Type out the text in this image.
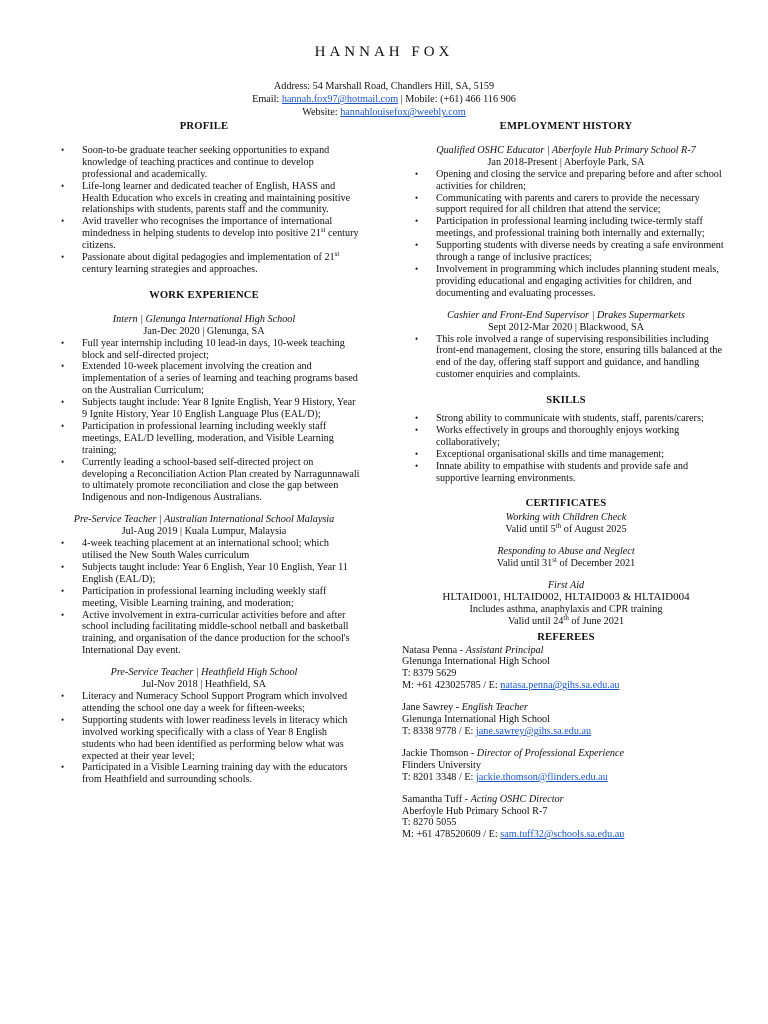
HANNAH FOX
Address: 54 Marshall Road, Chandlers Hill, SA, 5159
Email: hannah.fox97@hotmail.com | Mobile: (+61) 466 116 906
Website: hannahlouisefox@weebly.com
PROFILE
• Soon-to-be graduate teacher seeking opportunities to expand knowledge of teaching practices and continue to develop professional and academically.
• Life-long learner and dedicated teacher of English, HASS and Health Education who excels in creating and maintaining positive relationships with students, parents staff and the community.
• Avid traveller who recognises the importance of international mindedness in helping students to develop into positive 21st century citizens.
• Passionate about digital pedagogies and implementation of 21st century learning strategies and approaches.
WORK EXPERIENCE
Intern | Glenunga International High School
Jan-Dec 2020 | Glenunga, SA
• Full year internship including 10 lead-in days, 10-week teaching block and self-directed project;
• Extended 10-week placement involving the creation and implementation of a series of learning and teaching programs based on the Australian Curriculum;
• Subjects taught include: Year 8 Ignite English, Year 9 History, Year 9 Ignite History, Year 10 English Language Plus (EAL/D);
• Participation in professional learning including weekly staff meetings, EAL/D levelling, moderation, and Visible Learning training;
• Currently leading a school-based self-directed project on developing a Reconciliation Action Plan created by Narragunnawali to ultimately promote reconciliation and close the gap between Indigenous and non-Indigenous Australians.
Pre-Service Teacher | Australian International School Malaysia
Jul-Aug 2019 | Kuala Lumpur, Malaysia
• 4-week teaching placement at an international school; which utilised the New South Wales curriculum
• Subjects taught include: Year 6 English, Year 10 English, Year 11 English (EAL/D);
• Participation in professional learning including weekly staff meeting, Visible Learning training, and moderation;
• Active involvement in extra-curricular activities before and after school including facilitating middle-school netball and basketball training, and organisation of the dance production for the school's International Day event.
Pre-Service Teacher | Heathfield High School
Jul-Nov 2018 | Heathfield, SA
• Literacy and Numeracy School Support Program which involved attending the school one day a week for fifteen-weeks;
• Supporting students with lower readiness levels in literacy which involved working specifically with a class of Year 8 English students who had been identified as performing below what was expected at their year level;
• Participated in a Visible Learning training day with the educators from Heathfield and surrounding schools.
EMPLOYMENT HISTORY
Qualified OSHC Educator | Aberfoyle Hub Primary School R-7
Jan 2018-Present | Aberfoyle Park, SA
• Opening and closing the service and preparing before and after school activities for children;
• Communicating with parents and carers to provide the necessary support required for all children that attend the service;
• Participation in professional learning including twice-termly staff meetings, and professional training both internally and externally;
• Supporting students with diverse needs by creating a safe environment through a range of inclusive practices;
• Involvement in programming which includes planning student meals, providing educational and engaging activities for children, and documenting and evaluating processes.
Cashier and Front-End Supervisor | Drakes Supermarkets
Sept 2012-Mar 2020 | Blackwood, SA
• This role involved a range of supervising responsibilities including front-end management, closing the store, ensuring tills balanced at the end of the day, offering staff support and guidance, and handling customer enquiries and complaints.
SKILLS
• Strong ability to communicate with students, staff, parents/carers;
• Works effectively in groups and thoroughly enjoys working collaboratively;
• Exceptional organisational skills and time management;
• Innate ability to empathise with students and provide safe and supportive learning environments.
CERTIFICATES
Working with Children Check
Valid until 5th of August 2025
Responding to Abuse and Neglect
Valid until 31st of December 2021
First Aid
HLTAID001, HLTAID002, HLTAID003 & HLTAID004
Includes asthma, anaphylaxis and CPR training
Valid until 24th of June 2021
REFEREES
Natasa Penna - Assistant Principal
Glenunga International High School
T: 8379 5629
M: +61 423025785 / E: natasa.penna@gihs.sa.edu.au
Jane Sawrey - English Teacher
Glenunga International High School
T: 8338 9778 / E: jane.sawrey@gihs.sa.edu.au
Jackie Thomson - Director of Professional Experience
Flinders University
T: 8201 3348 / E: jackie.thomson@flinders.edu.au
Samantha Tuff - Acting OSHC Director
Aberfoyle Hub Primary School R-7
T: 8270 5055
M: +61 478520609 / E: sam.tuff32@schools.sa.edu.au
